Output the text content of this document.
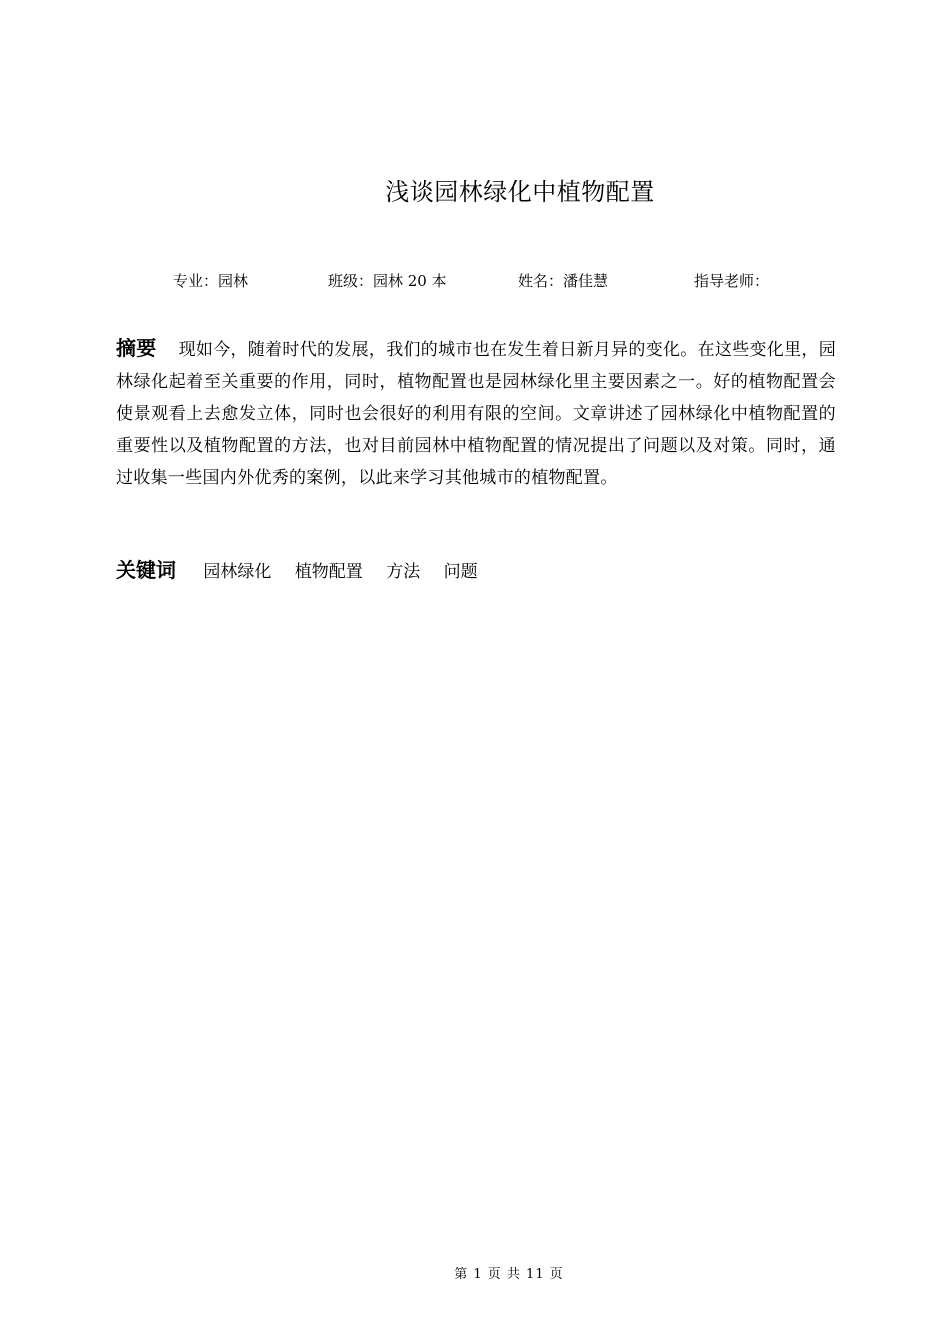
浅谈园林绿化中植物配置
专业：园林	班级：园林 20 本	姓名：潘佳慧	指导老师：
摘要 现如今，随着时代的发展，我们的城市也在发生着日新月异的变化。在这些变化里，园林绿化起着至关重要的作用，同时，植物配置也是园林绿化里主要因素之一。好的植物配置会使景观看上去愈发立体，同时也会很好的利用有限的空间。文章讲述了园林绿化中植物配置的重要性以及植物配置的方法，也对目前园林中植物配置的情况提出了问题以及对策。同时，通过收集一些国内外优秀的案例，以此来学习其他城市的植物配置。
关键词 园林绿化 植物配置 方法 问题
第 1 页 共 11 页
